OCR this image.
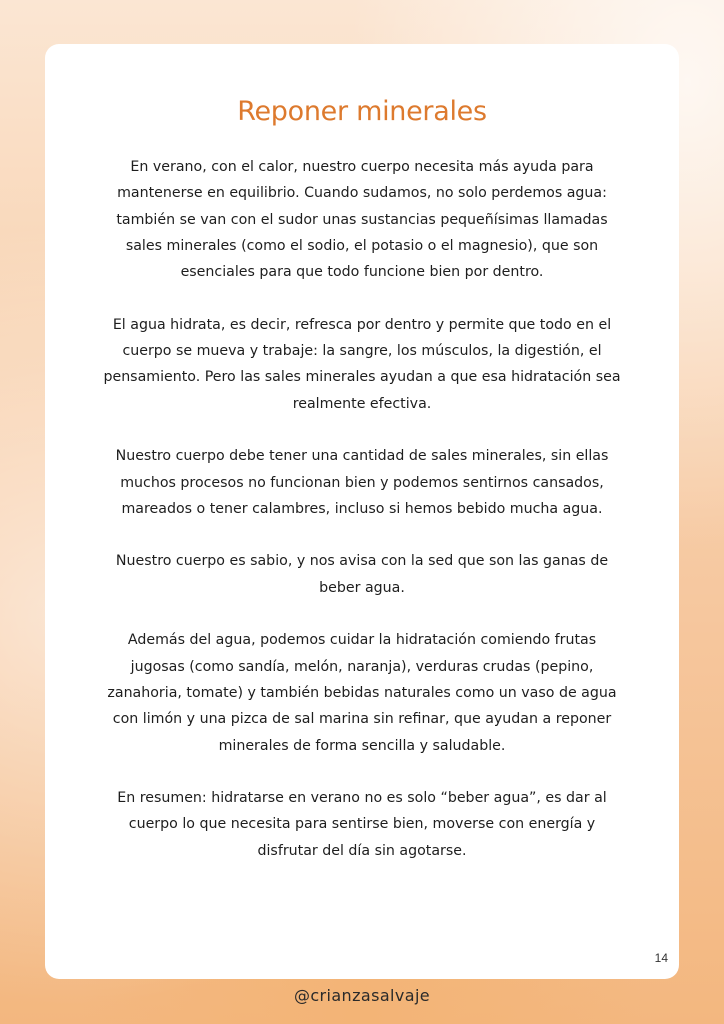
Reponer minerales

En verano, con el calor, nuestro cuerpo necesita más ayuda para mantenerse en equilibrio. Cuando sudamos, no solo perdemos agua: también se van con el sudor unas sustancias pequeñísimas llamadas sales minerales (como el sodio, el potasio o el magnesio), que son esenciales para que todo funcione bien por dentro.

El agua hidrata, es decir, refresca por dentro y permite que todo en el cuerpo se mueva y trabaje: la sangre, los músculos, la digestión, el pensamiento. Pero las sales minerales ayudan a que esa hidratación sea realmente efectiva.

Nuestro cuerpo debe tener una cantidad de sales minerales, sin ellas muchos procesos no funcionan bien y podemos sentirnos cansados, mareados o tener calambres, incluso si hemos bebido mucha agua.

Nuestro cuerpo es sabio, y nos avisa con la sed que son las ganas de beber agua.

Además del agua, podemos cuidar la hidratación comiendo frutas jugosas (como sandía, melón, naranja), verduras crudas (pepino, zanahoria, tomate) y también bebidas naturales como un vaso de agua con limón y una pizca de sal marina sin refinar, que ayudan a reponer minerales de forma sencilla y saludable.

En resumen: hidratarse en verano no es solo “beber agua”, es dar al cuerpo lo que necesita para sentirse bien, moverse con energía y disfrutar del día sin agotarse.

14
@crianzasalvaje
